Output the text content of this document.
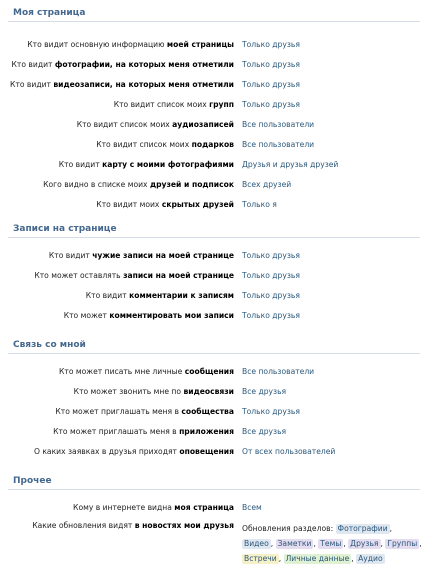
Моя страница
Кто видит основную информацию моей страницы Только друзья
Кто видит фотографии, на которых меня отметили Только друзья
Кто видит видеозаписи, на которых меня отметили Только друзья
Кто видит список моих групп Только друзья
Кто видит список моих аудиозаписей Все пользователи
Кто видит список моих подарков Все пользователи
Кто видит карту с моими фотографиями Друзья и друзья друзей
Кого видно в списке моих друзей и подписок Всех друзей
Кто видит моих скрытых друзей Только я
Записи на странице
Кто видит чужие записи на моей странице Только друзья
Кто может оставлять записи на моей странице Только друзья
Кто видит комментарии к записям Только друзья
Кто может комментировать мои записи Только друзья
Связь со мной
Кто может писать мне личные сообщения Все пользователи
Кто может звонить мне по видеосвязи Все друзья
Кто может приглашать меня в сообщества Только друзья
Кто может приглашать меня в приложения Все друзья
О каких заявках в друзья приходят оповещения От всех пользователей
Прочее
Кому в интернете видна моя страница Всем
Какие обновления видят в новостях мои друзья Обновления разделов: Фотографии , Видео , Заметки , Темы , Друзья , Группы , Встречи , Личные данные , Аудио
